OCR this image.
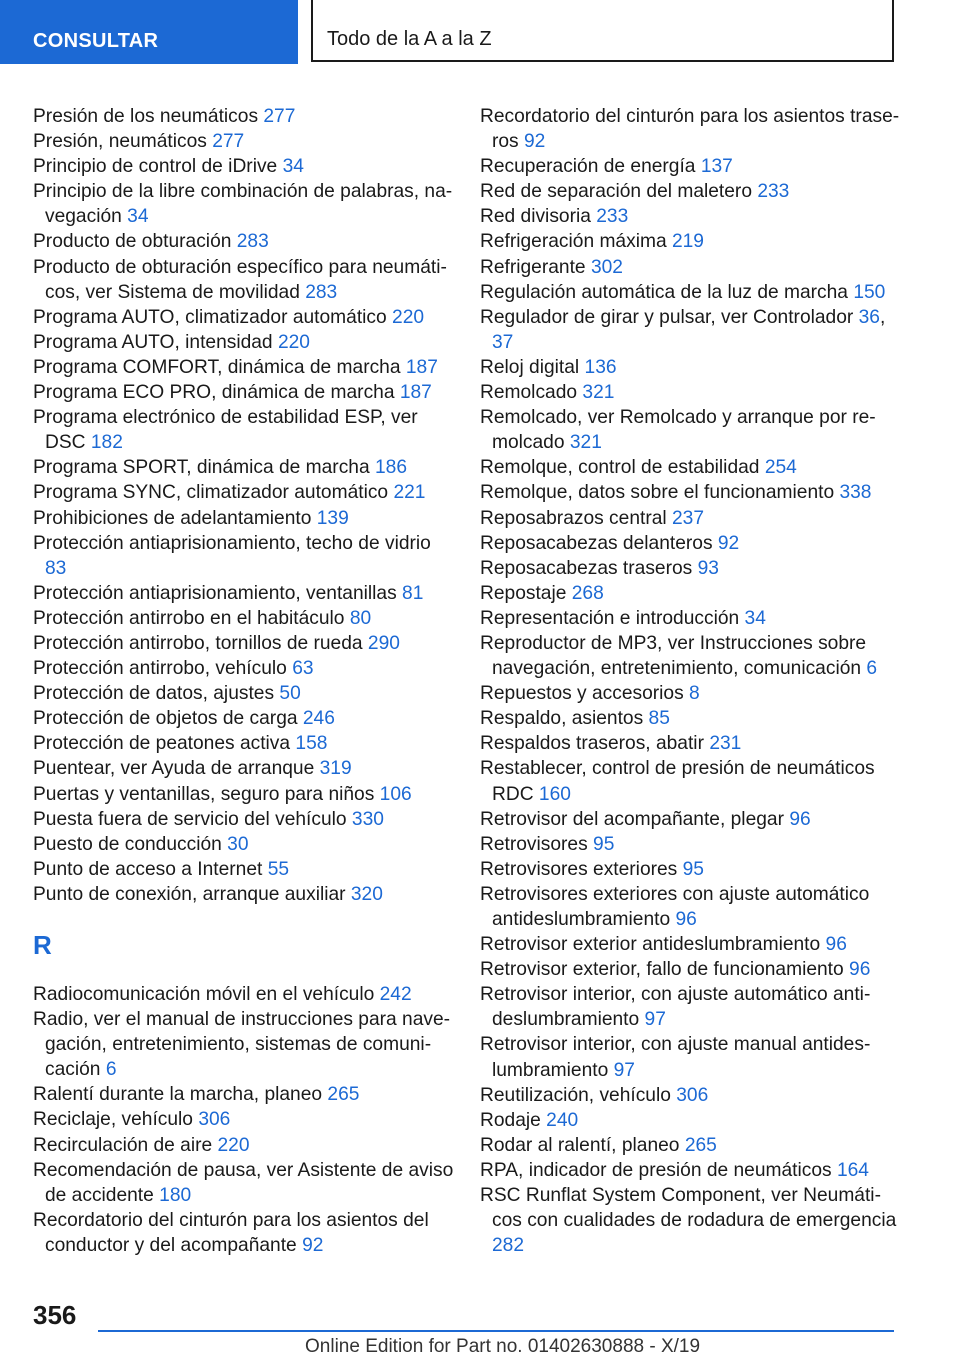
CONSULTAR	Todo de la A a la Z

Presión de los neumáticos 277

Presión, neumáticos 277

Principio de control de iDrive 34

Principio de la libre combinación de palabras, navegación 34

Producto de obturación 283

Producto de obturación específico para neumáticos, ver Sistema de movilidad 283

Programa AUTO, climatizador automático 220

Programa AUTO, intensidad 220

Programa COMFORT, dinámica de marcha 187

Programa ECO PRO, dinámica de marcha 187

Programa electrónico de estabilidad ESP, ver DSC 182

Programa SPORT, dinámica de marcha 186

Programa SYNC, climatizador automático 221

Prohibiciones de adelantamiento 139

Protección antiaprisionamiento, techo de vidrio 83

Protección antiaprisionamiento, ventanillas 81

Protección antirrobo en el habitáculo 80

Protección antirrobo, tornillos de rueda 290

Protección antirrobo, vehículo 63

Protección de datos, ajustes 50

Protección de objetos de carga 246

Protección de peatones activa 158

Puentear, ver Ayuda de arranque 319

Puertas y ventanillas, seguro para niños 106

Puesta fuera de servicio del vehículo 330

Puesto de conducción 30

Punto de acceso a Internet 55

Punto de conexión, arranque auxiliar 320

R

Radiocomunicación móvil en el vehículo 242

Radio, ver el manual de instrucciones para navegación, entretenimiento, sistemas de comunicación 6

Ralentí durante la marcha, planeo 265

Reciclaje, vehículo 306

Recirculación de aire 220

Recomendación de pausa, ver Asistente de aviso de accidente 180

Recordatorio del cinturón para los asientos del conductor y del acompañante 92

Recordatorio del cinturón para los asientos traseros 92

Recuperación de energía 137

Red de separación del maletero 233

Red divisoria 233

Refrigeración máxima 219

Refrigerante 302

Regulación automática de la luz de marcha 150

Regulador de girar y pulsar, ver Controlador 36, 37

Reloj digital 136

Remolcado 321

Remolcado, ver Remolcado y arranque por remolcado 321

Remolque, control de estabilidad 254

Remolque, datos sobre el funcionamiento 338

Reposabrazos central 237

Reposacabezas delanteros 92

Reposacabezas traseros 93

Repostaje 268

Representación e introducción 34

Reproductor de MP3, ver Instrucciones sobre navegación, entretenimiento, comunicación 6

Repuestos y accesorios 8

Respaldo, asientos 85

Respaldos traseros, abatir 231

Restablecer, control de presión de neumáticos RDC 160

Retrovisor del acompañante, plegar 96

Retrovisores 95

Retrovisores exteriores 95

Retrovisores exteriores con ajuste automático antideslumbramiento 96

Retrovisor exterior antideslumbramiento 96

Retrovisor exterior, fallo de funcionamiento 96

Retrovisor interior, con ajuste automático antideslumbramiento 97

Retrovisor interior, con ajuste manual antideslumbramiento 97

Reutilización, vehículo 306

Rodaje 240

Rodar al ralentí, planeo 265

RPA, indicador de presión de neumáticos 164

RSC Runflat System Component, ver Neumáticos con cualidades de rodadura de emergencia 282

356
Online Edition for Part no. 01402630888 - X/19
